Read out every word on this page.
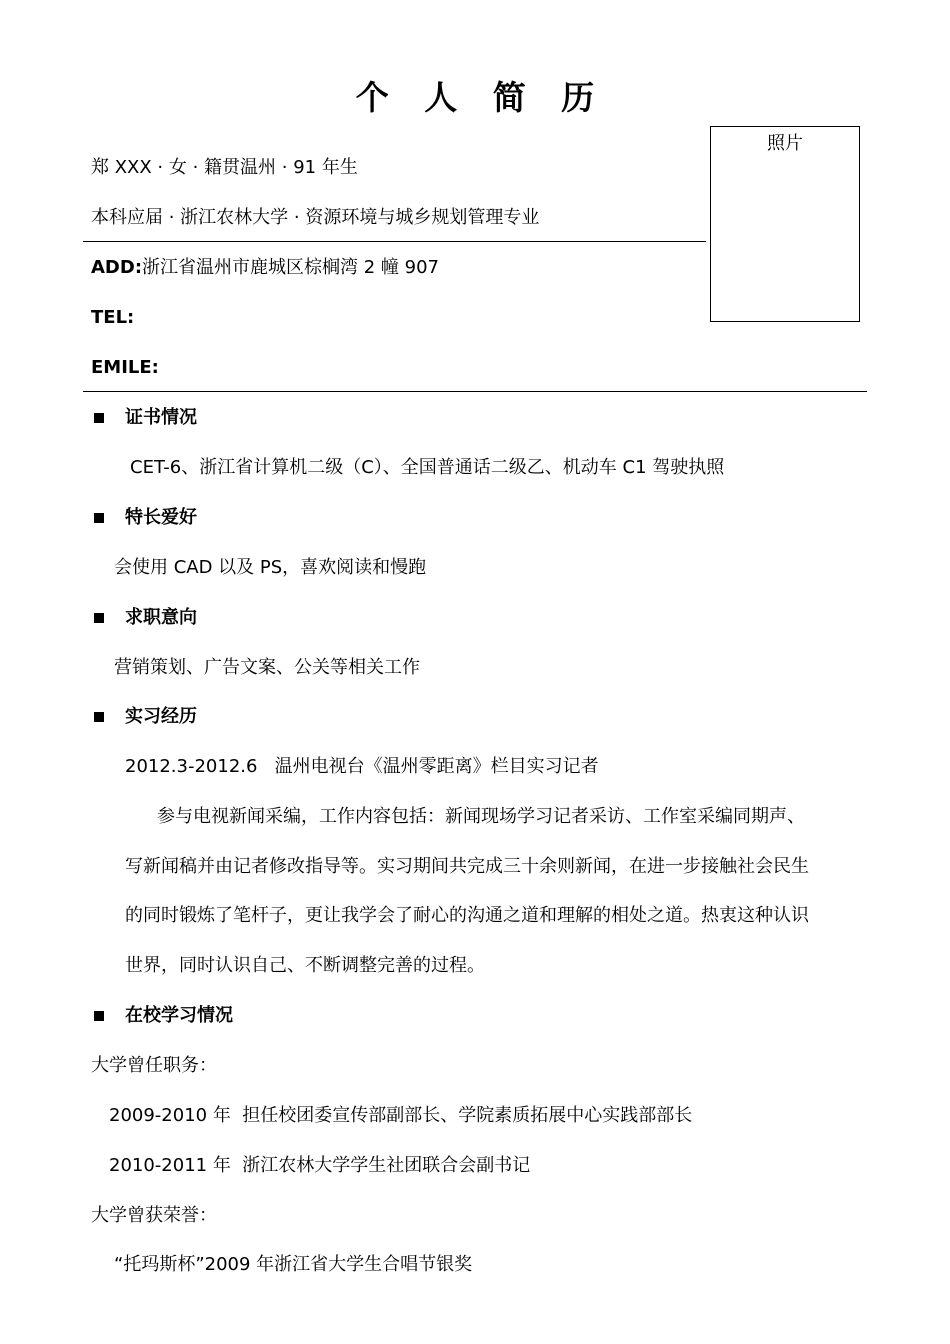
个 人 简 历
郑 XXX · 女 · 籍贯温州 · 91 年生
本科应届 · 浙江农林大学 · 资源环境与城乡规划管理专业
照片
ADD:浙江省温州市鹿城区棕榈湾 2 幢 907
TEL:
EMILE:
证书情况
CET-6、浙江省计算机二级（C）、全国普通话二级乙、机动车 C1 驾驶执照
特长爱好
会使用 CAD 以及 PS，喜欢阅读和慢跑
求职意向
营销策划、广告文案、公关等相关工作
实习经历
2012.3-2012.6   温州电视台《温州零距离》栏目实习记者
参与电视新闻采编，工作内容包括：新闻现场学习记者采访、工作室采编同期声、
写新闻稿并由记者修改指导等。实习期间共完成三十余则新闻，在进一步接触社会民生
的同时锻炼了笔杆子，更让我学会了耐心的沟通之道和理解的相处之道。热衷这种认识
世界，同时认识自己、不断调整完善的过程。
在校学习情况
大学曾任职务：
2009-2010 年  担任校团委宣传部副部长、学院素质拓展中心实践部部长
2010-2011 年  浙江农林大学学生社团联合会副书记
大学曾获荣誉：
“托玛斯杯”2009 年浙江省大学生合唱节银奖
